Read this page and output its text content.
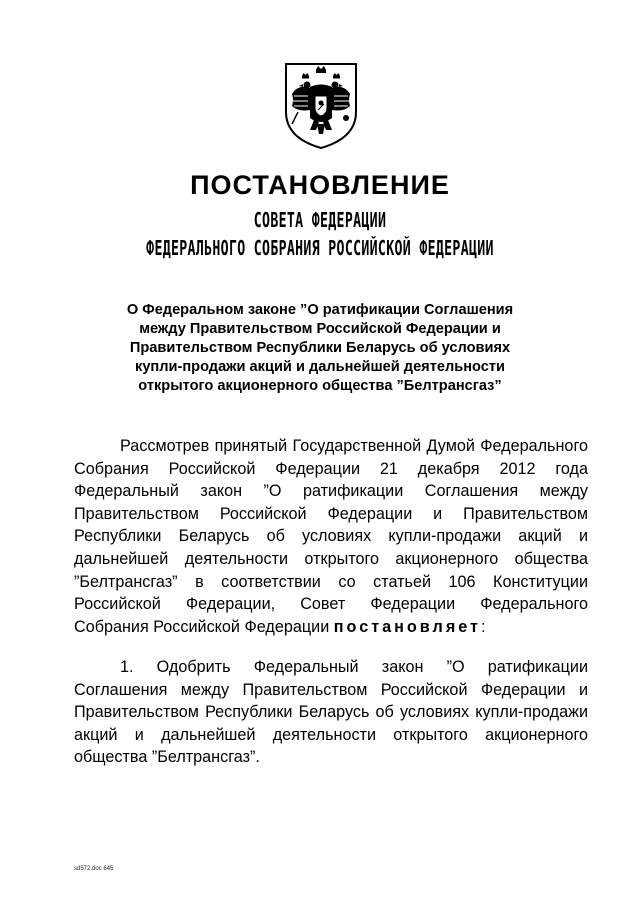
ПОСТАНОВЛЕНИЕ
СОВЕТА ФЕДЕРАЦИИ
ФЕДЕРАЛЬНОГО СОБРАНИЯ РОССИЙСКОЙ ФЕДЕРАЦИИ
О Федеральном законе ”О ратификации Соглашения
между Правительством Российской Федерации и
Правительством Республики Беларусь об условиях
купли-продажи акций и дальнейшей деятельности
открытого акционерного общества ”Белтрансгаз”
Рассмотрев принятый Государственной Думой Федерального
Собрания Российской Федерации 21 декабря 2012 года
Федеральный закон ”О ратификации Соглашения между
Правительством Российской Федерации и Правительством
Республики Беларусь об условиях купли-продажи акций и
дальнейшей деятельности открытого акционерного общества
”Белтрансгаз” в соответствии со статьей 106 Конституции
Российской Федерации, Совет Федерации Федерального
Собрания Российской Федерации постановляет:
1. Одобрить Федеральный закон ”О ратификации
Соглашения между Правительством Российской Федерации и
Правительством Республики Беларусь об условиях купли-продажи
акций и дальнейшей деятельности открытого акционерного
общества ”Белтрансгаз”.
sd572.doc 645
